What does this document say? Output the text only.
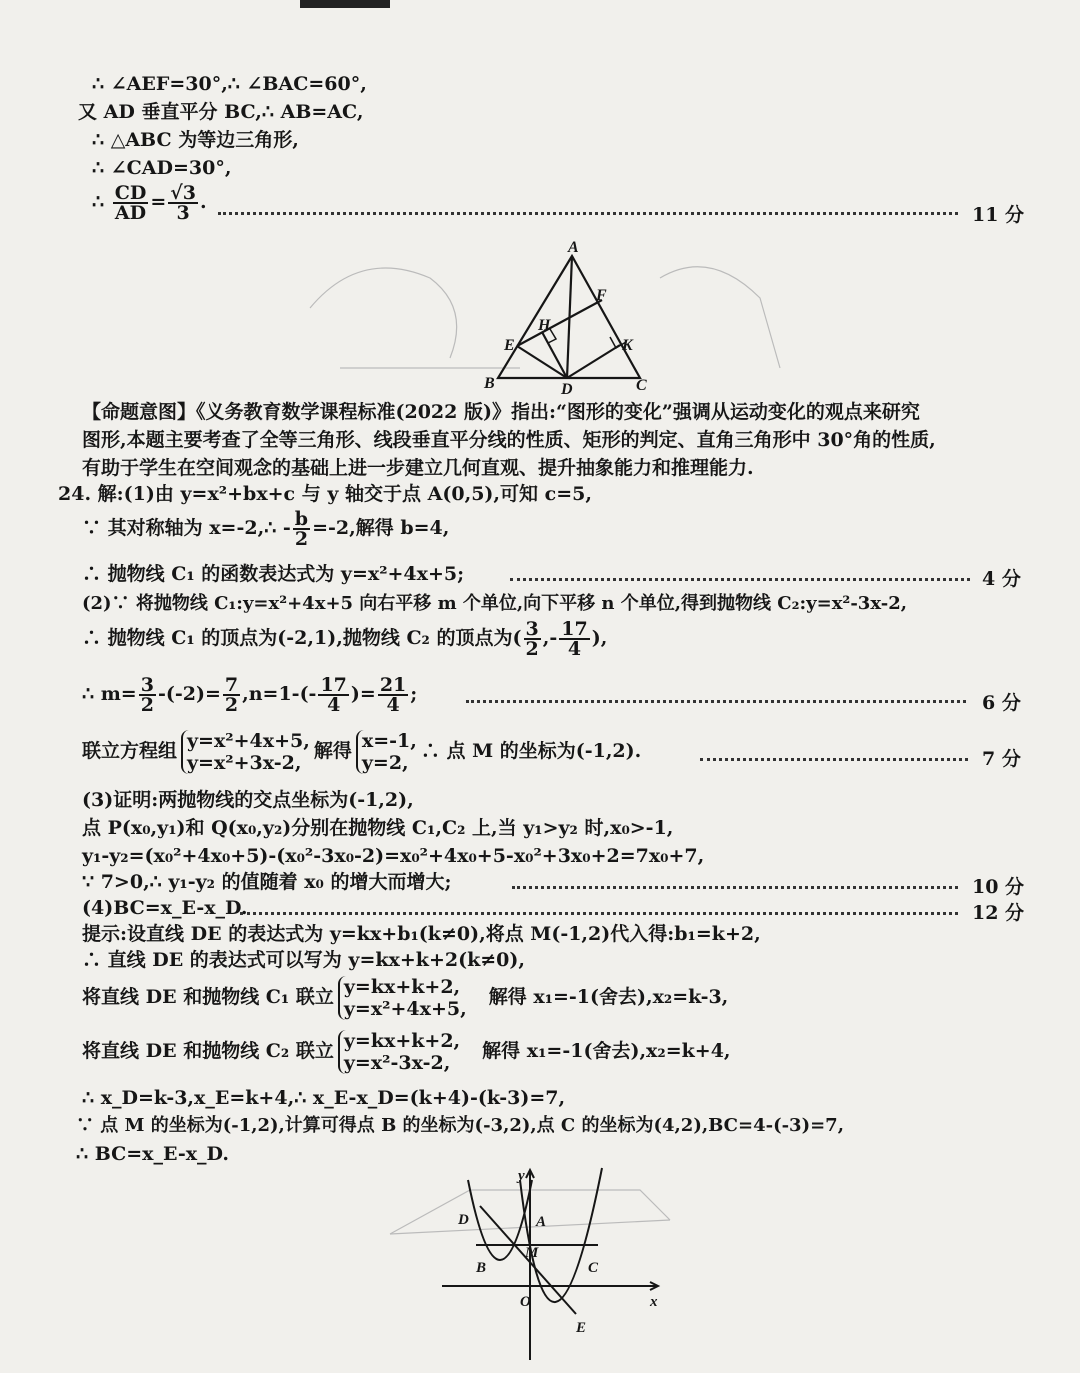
∴ ∠AEF=30°,∴ ∠BAC=60°,
又 AD 垂直平分 BC,∴ AB=AC,
∴ △ABC 为等边三角形,
∴ ∠CAD=30°,
∴ $\frac{CD}{AD} = \frac{√3}{3}$ .
11 分
A
B	C
D
E
F
H
K
【命题意图】《义务教育数学课程标准(2022 版)》指出:“图形的变化”强调从运动变化的观点来研究
图形,本题主要考查了全等三角形、线段垂直平分线的性质、矩形的判定、直角三角形中 30°角的性质,
有助于学生在空间观念的基础上进一步建立几何直观、提升抽象能力和推理能力.
24. 解:(1)由 y=x²+bx+c 与 y 轴交于点 A(0,5),可知 c=5,
∵ 其对称轴为 x=-2,∴ - $\frac{b}{2} =-2$,解得 b=4,
∴ 抛物线 C₁ 的函数表达式为 y=x²+4x+5;	4 分
(2)∵ 将抛物线 C₁:y=x²+4x+5 向右平移 m 个单位,向下平移 n 个单位,得到抛物线 C₂:y=x²-3x-2,
∴ 抛物线 C₁ 的顶点为(-2,1),抛物线 C₂ 的顶点为( $\frac{3}{2}$ ,- $\frac{17}{4}$ ),
∴ $m= \frac{3}{2} -(-2)= \frac{7}{2} ,n=1-(- \frac{17}{4}$ )= $\frac{21}{4}$ ;	6 分
联立方程组 y=x²+4x+5,
y=x²+3x-2,
解得 x=-1,
y=2,
∴ 点 M 的坐标为(-1,2).	7 分
(3)证明:两抛物线的交点坐标为(-1,2),
点 P(x₀,y₁)和 Q(x₀,y₂)分别在抛物线 C₁,C₂ 上,当 y₁>y₂ 时,x₀>-1,
y₁-y₂=(x₀²+4x₀+5)-(x₀²-3x₀-2)=x₀²+4x₀+5-x₀²+3x₀+2=7x₀+7,
∵ 7>0,∴ y₁-y₂ 的值随着 x₀ 的增大而增大;	10 分
(4)BC=x_E-x_D.	12 分
提示:设直线 DE 的表达式为 y=kx+b₁(k≠0),将点 M(-1,2)代入得:b₁=k+2,
∴ 直线 DE 的表达式可以写为 y=kx+k+2(k≠0),
将直线 DE 和抛物线 C₁ 联立 y=kx+k+2,
y=x²+4x+5,
解得 x₁=-1(舍去),x₂=k-3,
将直线 DE 和抛物线 C₂ 联立 y=kx+k+2,
y=x²-3x-2,
解得 x₁=-1(舍去),x₂=k+4,
∴ x_D=k-3,x_E=k+4,∴ x_E-x_D=(k+4)-(k-3)=7,
∵ 点 M 的坐标为(-1,2),计算可得点 B 的坐标为(-3,2),点 C 的坐标为(4,2),BC=4-(-3)=7,
∴ BC=x_E-x_D.
y
x
O
A
B	C
D
E
M
